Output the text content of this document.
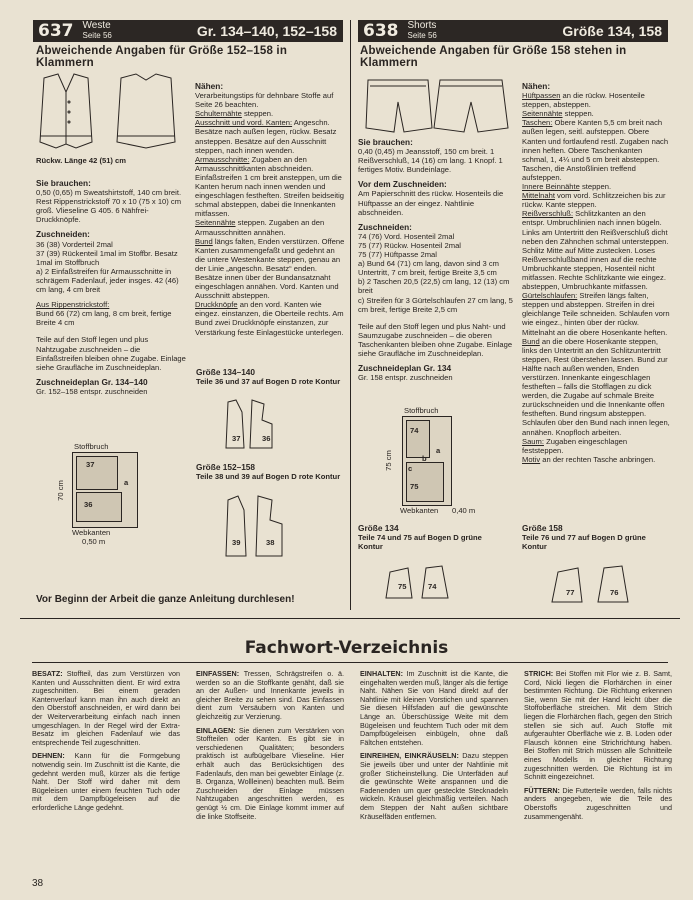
637 Weste
Seite 56	Gr. 134–140, 152–158
Abweichende Angaben für Größe 152–158 in Klammern
638 Shorts
Seite 56	Größe 134, 158
Abweichende Angaben für Größe 158 stehen in Klammern
Rückw. Länge 42 (51) cm
Sie brauchen:

0,50 (0,65) m Sweatshirtstoff, 140 cm breit. Rest Rippenstrickstoff 70 x 10 (75 x 10) cm groß. Vlieseline G 405. 6 Nähfrei-Druckknöpfe.

Zuschneiden:

36 (38) Vorderteil 2mal
37 (39) Rückenteil 1mal im Stoffbr. Besatz 1mal im Stoffbruch
a) 2 Einfaßstreifen für Armausschnitte in schrägem Fadenlauf, jeder insges. 42 (46) cm lang, 4 cm breit

Aus Rippenstrickstoff:

Bund 66 (72) cm lang, 8 cm breit, fertige Breite 4 cm

Teile auf den Stoff legen und plus Nahtzugabe zuschneiden – die Einfaßstreifen bleiben ohne Zugabe. Einlage siehe Grauflächе im Zuschneideplan.

Zuschneideplan Gr. 134–140
Gr. 152–158 entspr. zuschneiden
Stoffbruch
37
36
a
70 cm
Webkanten
0,50 m
Nähen:

Verarbeitungstips für dehnbare Stoffe auf Seite 26 beachten.

Schulternähte steppen.

Ausschnitt und vord. Kanten: Angeschn. Besätze nach außen legen, rückw. Besatz anstеppen. Besätze auf den Ausschnitt steppen, nach innen wenden.

Armausschnitte: Zugaben an den Armausschnittkanten abschneiden. Einfaßstreifen 1 cm breit ansteppen, um die Kanten herum nach innen wenden und eingeschlagen festheften. Streifen beidseitig schmal absteppen, dabei die Innenkanten mitfassen.

Seitennähte steppen. Zugaben an den Armausschnitten annähen.

Bund längs falten, Enden verstürzen. Offene Kanten zusammengefaßt und gedehnt an die untere Westenkante steppen, genau an der Linie „angeschn. Besatz“ enden. Besätze innen über der Bundansatznaht eingeschlagen annähen. Vord. Kanten und Ausschnitt absteppen.

Druckknöpfe an den vord. Kanten wie eingez. einstanzen, die Oberteile rechts. Am Bund zwei Druckknöpfe einstanzen, zur Verstärkung feste Einlagestücke unterlegen.

Größe 134–140
Teile 36 und 37 auf Bogen D rote Kontur
37	36
Größe 152–158
Teile 38 und 39 auf Bogen D rote Kontur
39	38
Sie brauchen:

0,40 (0,45) m Jeansstoff, 150 cm breit. 1 Reißverschluß, 14 (16) cm lang. 1 Knopf. 1 fertiges Motiv. Bundeinlage.

Vor dem Zuschneiden:

Am Papierschnitt des rückw. Hosenteils die Hüftpasse an der eingez. Nahtlinie abschneiden.

Zuschneiden:

74 (76) Vord. Hosenteil 2mal
75 (77) Rückw. Hosenteil 2mal
75 (77) Hüftpasse 2mal
a) Bund 64 (71) cm lang, davon sind 3 cm Untertritt, 7 cm breit, fertige Breite 3,5 cm
b) 2 Taschen 20,5 (22,5) cm lang, 12 (13) cm breit
c) Streifen für 3 Gürtelschlaufen 27 cm lang, 5 cm breit, fertige Breite 2,5 cm

Teile auf den Stoff legen und plus Naht- und Saumzugabe zuschneiden – die oberen Taschenkanten bleiben ohne Zugabe. Einlage siehe Grauflächе im Zuschneideplan.

Zuschneideplan Gr. 134
Gr. 158 entspr. zuschneiden
Stoffbruch
74
b
a
c
75
75 cm
Webkanten 0,40 m
Nähen:

Hüftpassen an die rückw. Hosenteile steppen, absteppen.

Seitennähte steppen.

Taschen: Obere Kanten 5,5 cm breit nach außen legen, seitl. aufsteppen. Obere Kanten und fortlaufend restl. Zugaben nach innen heften. Obere Taschenkanten schmal, 1, 4¼ und 5 cm breit absteppen. Taschen, die Anstoßlinien treffend aufsteppen.

Innere Beinnähte steppen.

Mittelnaht vom vord. Schlitzzeichen bis zur rückw. Kante steppen.

Reißverschluß: Schlitzkanten an den entspr. Umbruchlinien nach innen bügeln. Links am Untertritt den Reißverschluß dicht neben den Zähnchen schmal untersteppen. Schlitz Mitte auf Mitte zustecken. Loses Reißverschlußband innen auf die rechte Umbruchkante steppen, Hosenteil nicht mitfassen. Rechte Schlitzkante wie eingez. absteppen, Umbruchkante mitfassen.

Gürtelschlaufen: Streifen längs falten, steppen und absteppen. Streifen in drei gleichlange Teile schneiden. Schlaufen vorn wie eingez., hinten über der rückw. Mittelnaht an die obere Hosenkante heften.

Bund an die obere Hosenkante steppen, links den Untertritt an den Schlitzuntertritt steppen, Rest überstehen lassen. Bund zur Hälfte nach außen wenden, Enden verstürzen. Innenkante eingeschlagen festheften – falls die Stofflagen zu dick werden, die Zugabe auf schmale Breite zurückschneiden und die Innenkante offen festheften. Bund ringsum absteppen. Schlaufen über den Bund nach innen legen, annähen. Knopfloch arbeiten.

Saum: Zugaben eingeschlagen feststeppen.

Motiv an der rechten Tasche anbringen.

Größe 134
Teile 74 und 75 auf Bogen D grüne Kontur
75	74
Größe 158
Teile 76 und 77 auf Bogen D grüne Kontur
77	76
Vor Beginn der Arbeit die ganze Anleitung durchlesen!
Fachwort-Verzeichnis

BESATZ: Stoffteil, das zum Verstürzen von Kanten und Ausschnitten dient. Er wird extra zugeschnitten. Bei einem geraden Kantenverlauf kann man ihn auch direkt an den Oberstoff anschneiden, er wird dann bei der Weiterverarbeitung einfach nach innen umgeschlagen. In der Regel wird der Extra-Besatz im gleichen Fadenlauf wie das entsprechende Teil zugeschnitten.

DEHNEN: Kann für die Formgebung notwendig sein. Im Zuschnitt ist die Kante, die gedehnt werden muß, kürzer als die fertige Naht. Der Stoff wird daher mit dem Bügeleisen unter einem feuchten Tuch oder mit dem Dampfbügeleisen auf die erforderliche Länge gedehnt.

EINFASSEN: Tressen, Schrägstreifen o. ä. werden so an die Stoffkante genäht, daß sie an der Außen- und Innenkante jeweils in gleicher Breite zu sehen sind. Das Einfassen dient zum Versäubern von Kanten und gleichzeitig zur Verzierung.

EINLAGEN: Sie dienen zum Verstärken von Stoffteilen oder Kanten. Es gibt sie in verschiedenen Qualitäten; besonders praktisch ist aufbügelbare Vlieseline. Hier erhält auch das Berücksichtigen des Fadenlaufs, den man bei gewebter Einlage (z. B. Organza, Wollleinen) beachten muß. Beim Zuschneiden der Einlage müssen Nahtzugaben angeschnitten werden, es genügt ½ cm. Die Einlage kommt immer auf die linke Stoffseite.

EINHALTEN: Im Zuschnitt ist die Kante, die eingehalten werden muß, länger als die fertige Naht. Nähen Sie von Hand direkt auf der Nahtlinie mit kleinen Vorstichen und spannen Sie diesen Hilfsfaden auf die gewünschte Länge an. Überschüssige Weite mit dem Bügeleisen und feuchtem Tuch oder mit dem Dampfbügeleisen einbügeln, ohne daß Fältchen entstehen.

EINREIHEN, EINKRÄUSELN: Dazu steppen Sie jeweils über und unter der Nahtlinie mit großer Sticheinstellung. Die Unterfäden auf die gewünschte Weite anspannen und die Fadenenden um quer gesteckte Stecknadeln wickeln. Kräusel gleichmäßig verteilen. Nach dem Steppen der Naht außen sichtbare Kräuselfäden entfernen.

STRICH: Bei Stoffen mit Flor wie z. B. Samt, Cord, Nicki liegen die Florhärchen in einer bestimmten Richtung. Die Richtung erkennen Sie, wenn Sie mit der Hand leicht über die Stoffoberfläche streichen. Mit dem Strich liegen die Florhärchen flach, gegen den Strich stellen sie sich auf. Auch Stoffe mit aufgerauhter Oberfläche wie z. B. Loden oder Flausch können eine Strichrichtung haben. Bei Stoffen mit Strich müssen alle Schnitteile eines Modells in gleicher Richtung zugeschnitten werden. Die Richtung ist im Schnitt eingezeichnet.

FÜTTERN: Die Futterteile werden, falls nichts anders angegeben, wie die Teile des Oberstoffs zugeschnitten und zusammengenäht.

38
